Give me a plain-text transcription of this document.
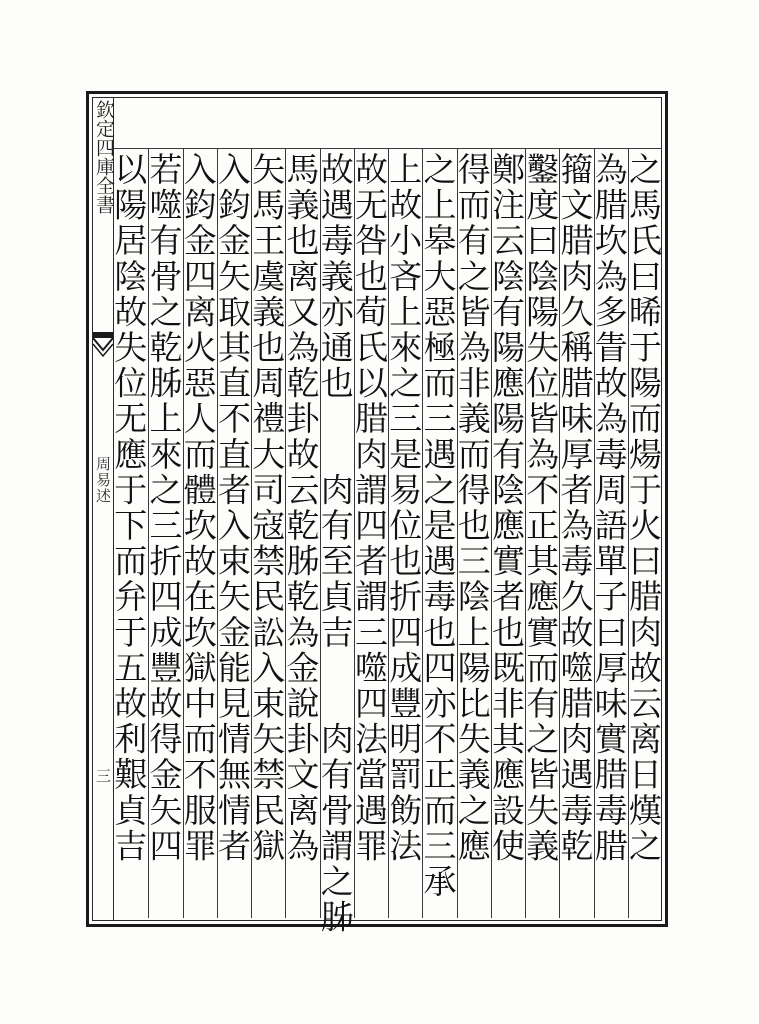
欽定四庫全書
周易述
三	之馬氏曰晞于陽而煬于火曰腊肉故云离日熯之
為腊坎為多眚故為毒周語單子曰厚味實腊毒腊
籀文腊肉久稱腊味厚者為毒久故噬腊肉遇毒乾
鑿度曰陰陽失位皆為不正其應實而有之皆失義
鄭注云陰有陽應陽有陰應實者也既非其應設使
得而有之皆為非義而得也三陰上陽比失義之應
之上皋大惡極而三遇之是遇毒也四亦不正而三承
上故小吝上來之三是易位也折四成豐明罰飭法
故无咎也荀氏以腊肉謂四者謂三噬四法當遇罪
故遇毒義亦通也　　肉有至貞吉　　肉有骨謂之胏
馬義也离又為乾卦故云乾胏乾為金說卦文离為
矢馬王虞義也周禮大司寇禁民訟入束矢禁民獄
入鈞金矢取其直不直者入束矢金能見情無情者
入鈞金四离火惡人而體坎故在坎獄中而不服罪
若噬有骨之乾胏上來之三折四成豐故得金矢四
以陽居陰故失位无應于下而弁于五故利艱貞吉
